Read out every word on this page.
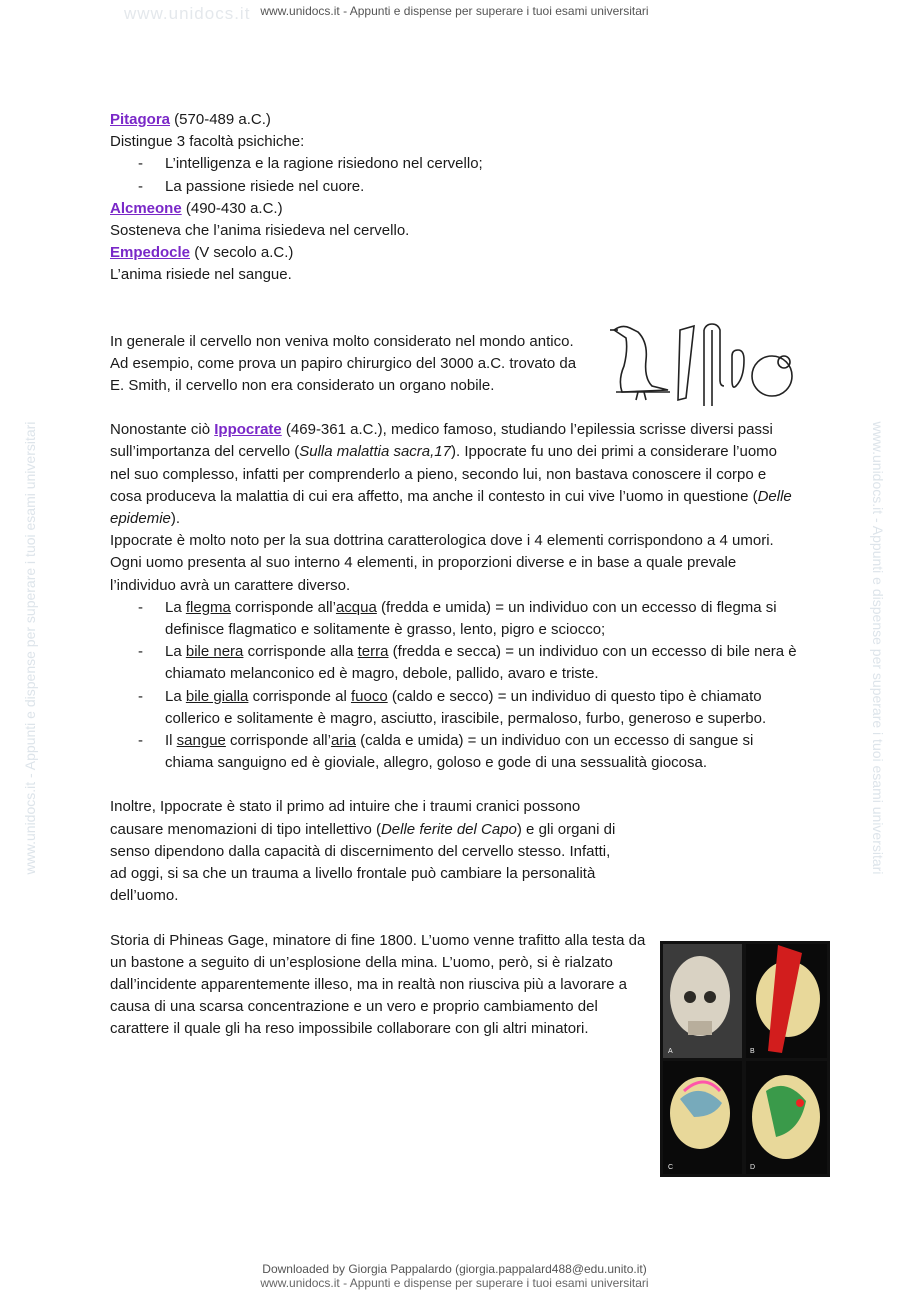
www.unidocs.it www.unidocs.it - Appunti e dispense per superare i tuoi esami universitari
www.unidocs.it - Appunti e dispense per superare i tuoi esami universitari	www.unidocs.it - Appunti e dispense per superare i tuoi esami universitari

Pitagora (570-489 a.C.)

Distingue 3 facoltà psichiche:

- L’intelligenza e la ragione risiedono nel cervello;
- La passione risiede nel cuore.

Alcmeone (490-430 a.C.)

Sosteneva che l’anima risiedeva nel cervello.

Empedocle (V secolo a.C.)

L’anima risiede nel sangue.

In generale il cervello non veniva molto considerato nel mondo antico. Ad esempio, come prova un papiro chirurgico del 3000 a.C. trovato da E. Smith, il cervello non era considerato un organo nobile.

Nonostante ciò Ippocrate (469-361 a.C.), medico famoso, studiando l’epilessia scrisse diversi passi sull’importanza del cervello (Sulla malattia sacra,17). Ippocrate fu uno dei primi a considerare l’uomo nel suo complesso, infatti per comprenderlo a pieno, secondo lui, non bastava conoscere il corpo e cosa produceva la malattia di cui era affetto, ma anche il contesto in cui vive l’uomo in questione (Delle epidemie).

Ippocrate è molto noto per la sua dottrina caratterologica dove i 4 elementi corrispondono a 4 umori.

Ogni uomo presenta al suo interno 4 elementi, in proporzioni diverse e in base a quale prevale l’individuo avrà un carattere diverso.

- La flegma corrisponde all’acqua (fredda e umida) = un individuo con un eccesso di flegma si definisce flagmatico e solitamente è grasso, lento, pigro e sciocco;
- La bile nera corrisponde alla terra (fredda e secca) = un individuo con un eccesso di bile nera è chiamato melanconico ed è magro, debole, pallido, avaro e triste.
- La bile gialla corrisponde al fuoco (caldo e secco) = un individuo di questo tipo è chiamato collerico e solitamente è magro, asciutto, irascibile, permaloso, furbo, generoso e superbo.
- Il sangue corrisponde all’aria (calda e umida) = un individuo con un eccesso di sangue si chiama sanguigno ed è gioviale, allegro, goloso e gode di una sessualità giocosa.

Inoltre, Ippocrate è stato il primo ad intuire che i traumi cranici possono causare menomazioni di tipo intellettivo (Delle ferite del Capo) e gli organi di senso dipendono dalla capacità di discernimento del cervello stesso. Infatti, ad oggi, si sa che un trauma a livello frontale può cambiare la personalità dell’uomo.

Storia di Phineas Gage, minatore di fine 1800. L’uomo venne trafitto alla testa da un bastone a seguito di un’esplosione della mina. L’uomo, però, si è rialzato dall’incidente apparentemente illeso, ma in realtà non riusciva più a lavorare a causa di una scarsa concentrazione e un vero e proprio cambiamento del carattere il quale gli ha reso impossibile collaborare con gli altri minatori.

A	B
C	D
Downloaded by Giorgia Pappalardo (giorgia.pappalard488@edu.unito.it)
www.unidocs.it - Appunti e dispense per superare i tuoi esami universitari
